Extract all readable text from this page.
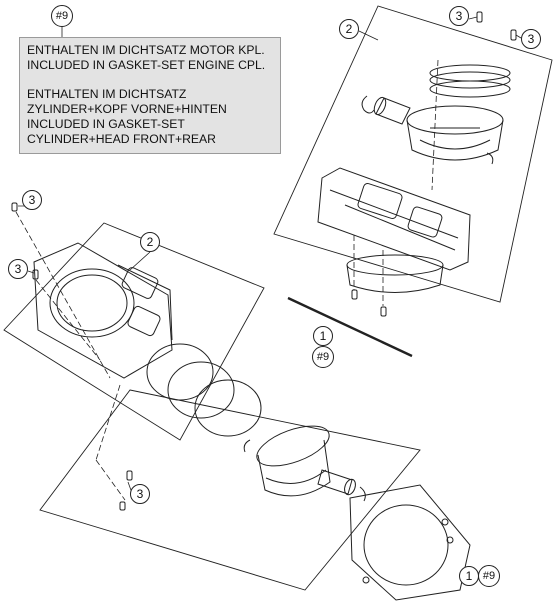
ENTHALTEN IM DICHTSATZ MOTOR KPL.
INCLUDED IN GASKET-SET ENGINE CPL.
ENTHALTEN IM DICHTSATZ
ZYLINDER+KOPF VORNE+HINTEN
INCLUDED IN GASKET-SET
CYLINDER+HEAD FRONT+REAR
#9
2
3
3
2
3
3
3
1
#9
1 #9
